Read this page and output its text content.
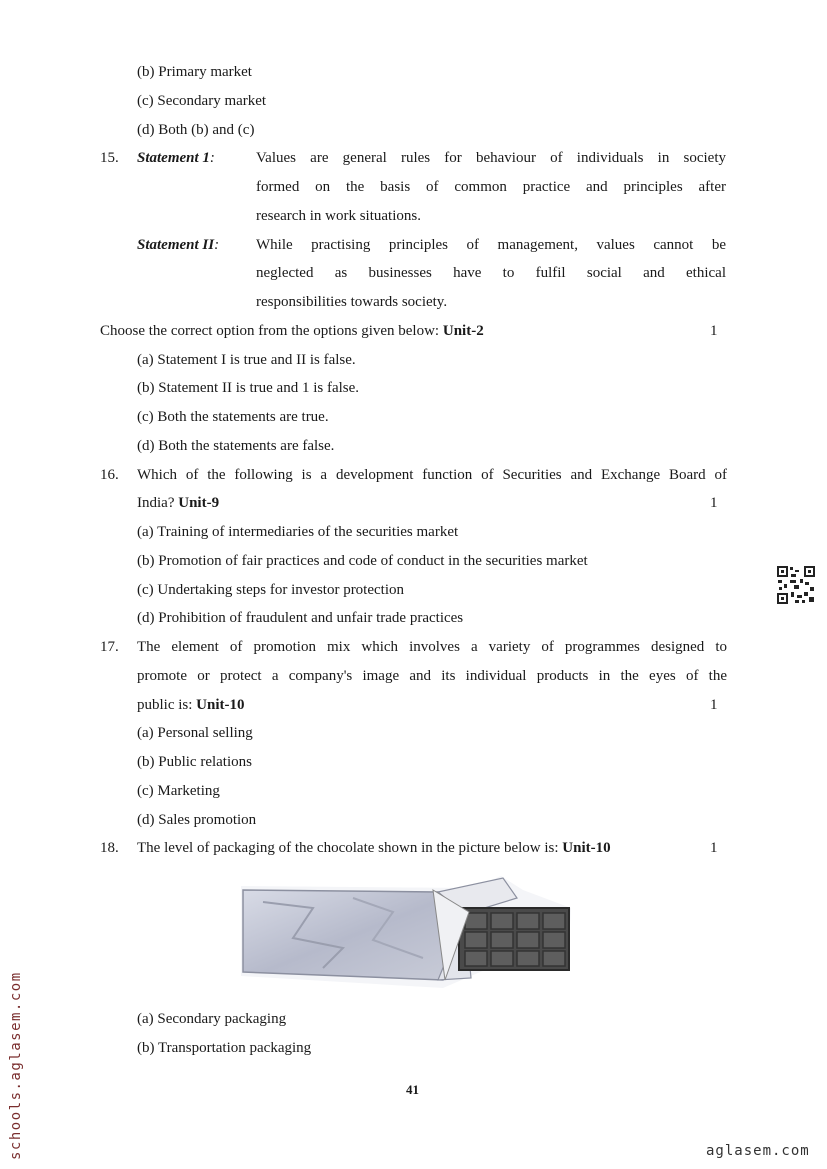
(b) Primary market
(c) Secondary market
(d) Both (b) and (c)
15. Statement 1:	Values are general rules for behaviour of individuals in society
formed on the basis of common practice and principles after
research in work situations.
Statement II: While practising principles of management, values cannot be
neglected as businesses have to fulfil social and ethical
responsibilities towards society.
Choose the correct option from the options given below: Unit-2	1
(a) Statement I is true and II is false.
(b) Statement II is true and 1 is false.
(c) Both the statements are true.
(d) Both the statements are false.
16. Which of the following is a development function of Securities and Exchange Board of
India? Unit-9	1
(a) Training of intermediaries of the securities market
(b) Promotion of fair practices and code of conduct in the securities market
(c) Undertaking steps for investor protection
(d) Prohibition of fraudulent and unfair trade practices
17. The element of promotion mix which involves a variety of programmes designed to
promote or protect a company's image and its individual products in the eyes of the
public is: Unit-10	1
(a) Personal selling
(b) Public relations
(c) Marketing
(d) Sales promotion
18. The level of packaging of the chocolate shown in the picture below is: Unit-10	1
(a) Secondary packaging
(b) Transportation packaging
41
schools.aglasem.com	aglasem.com
